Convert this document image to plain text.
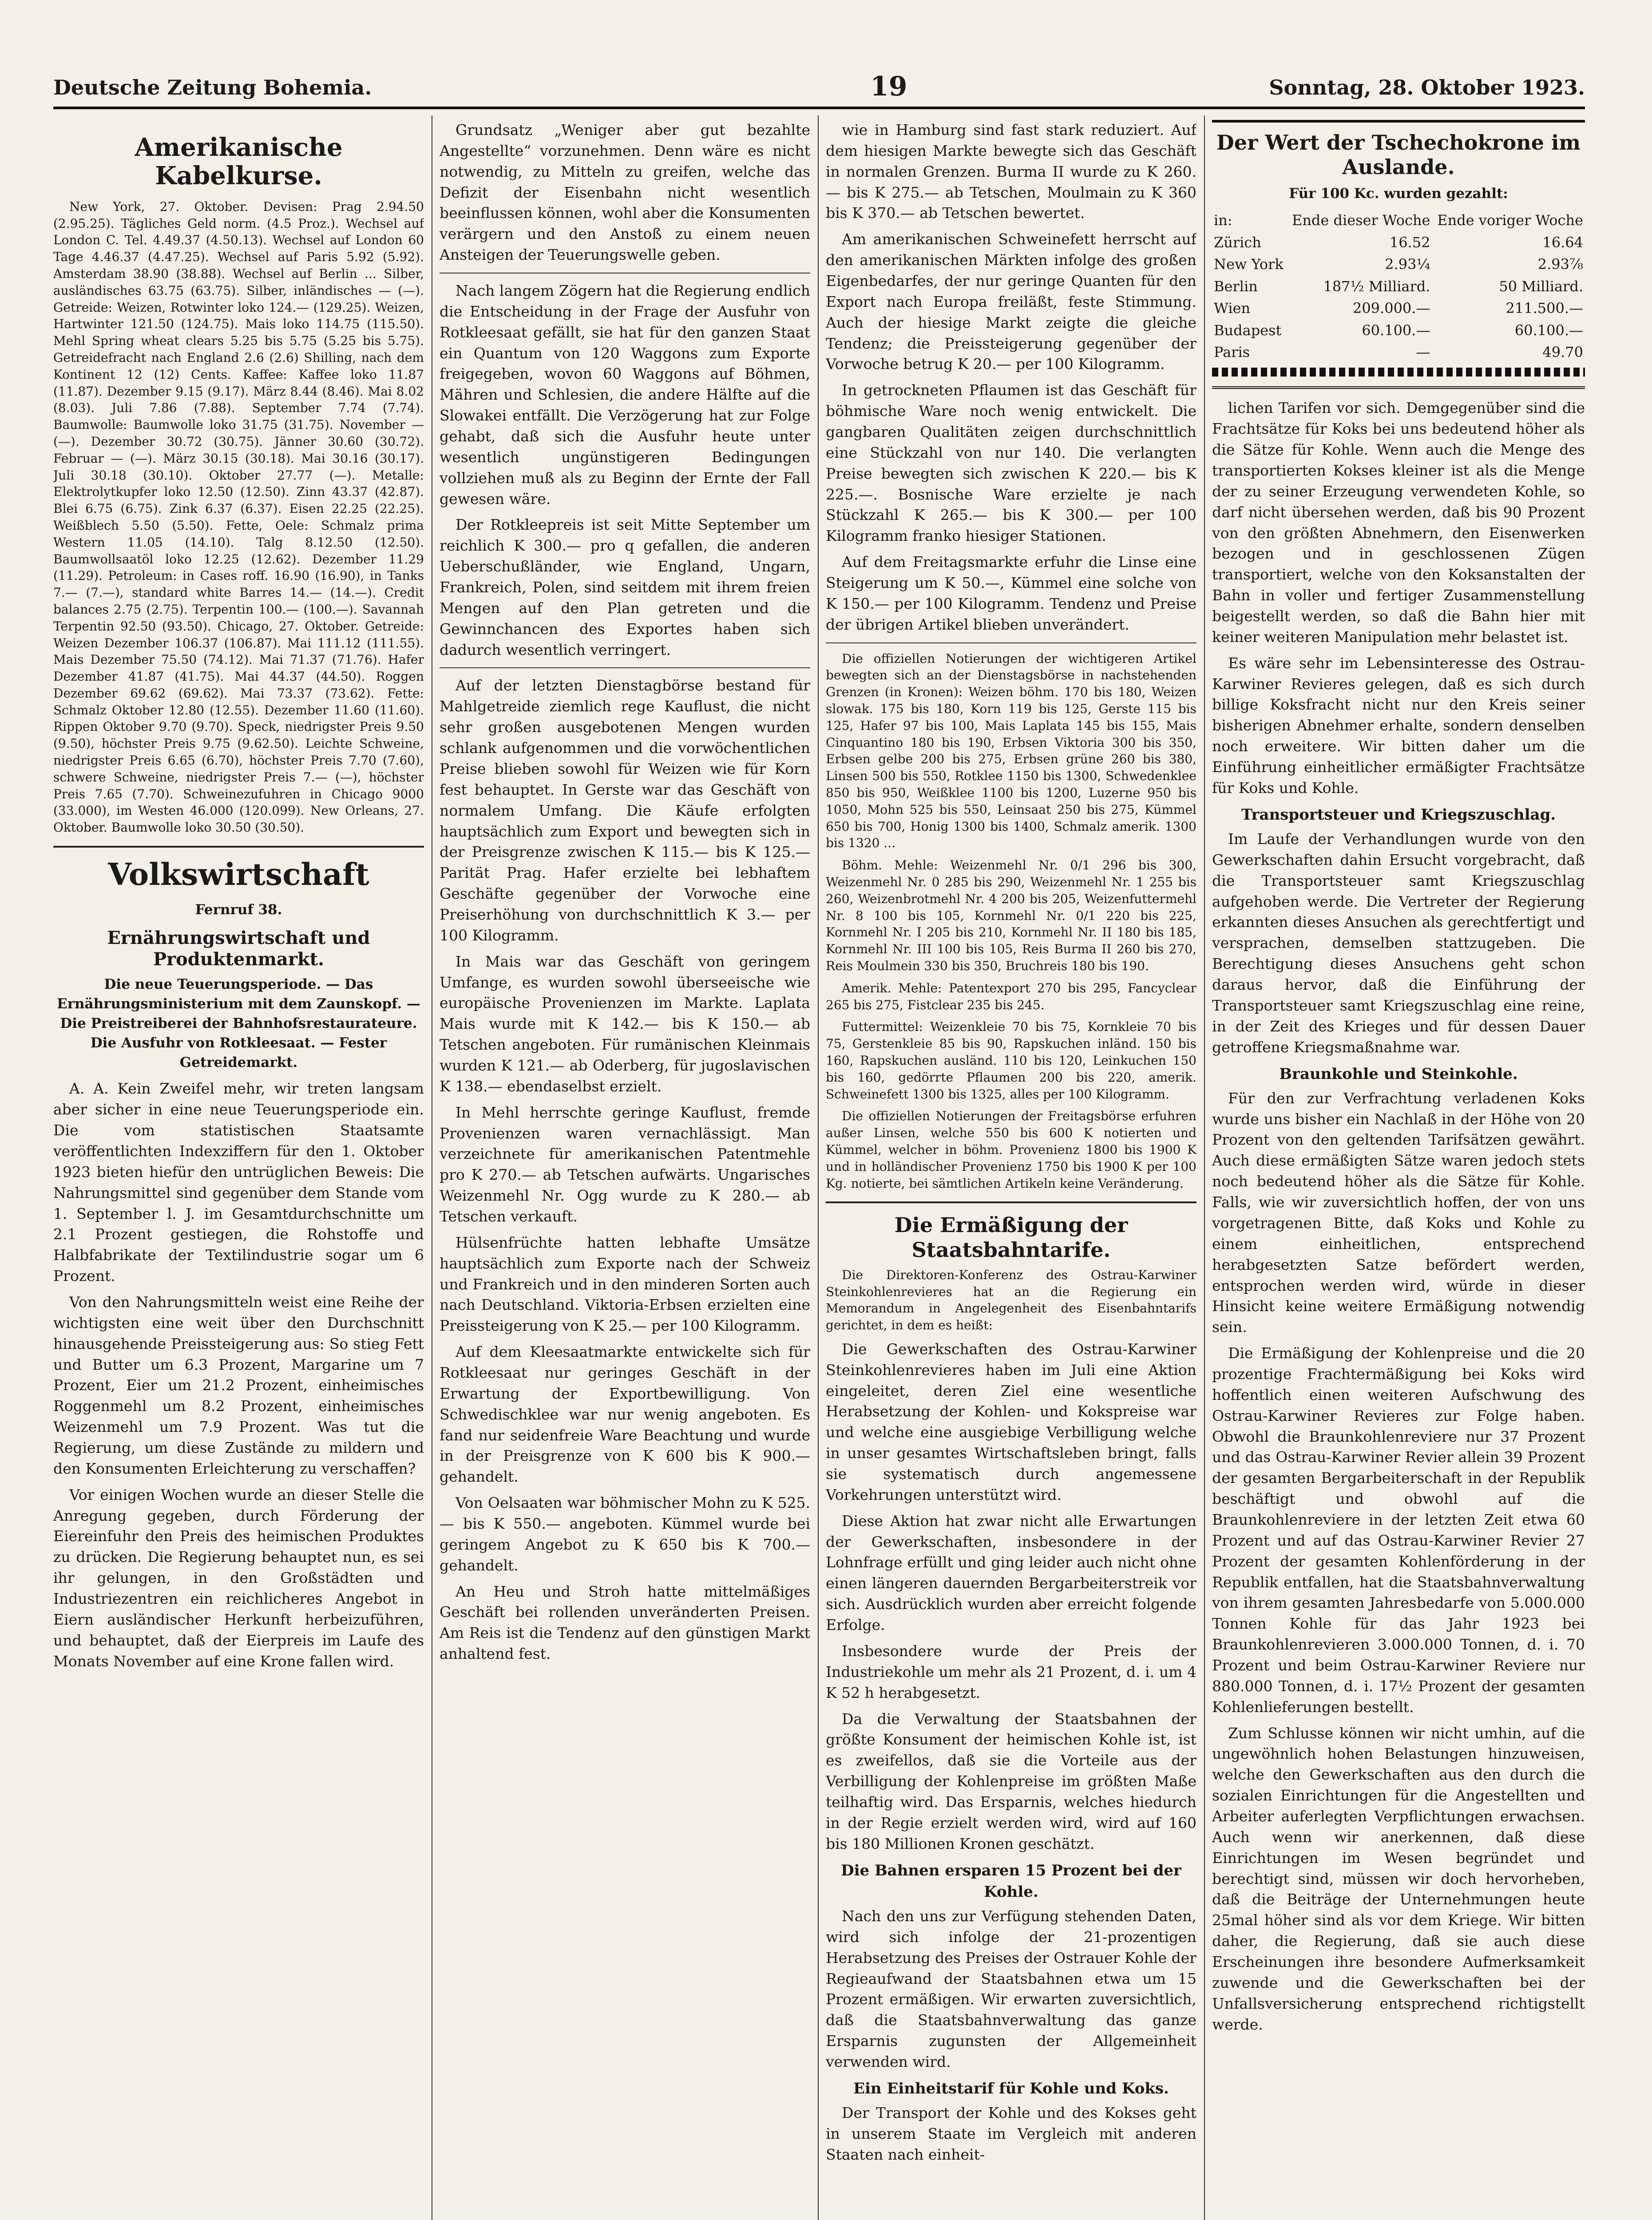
Deutsche Zeitung Bohemia.	19	Sonntag, 28. Oktober 1923.
Amerikanische Kabelkurse.

New York, 27. Oktober. Devisen: Prag 2.94.50 (2.95.25). Tägliches Geld norm. (4.5 Proz.). Wechsel auf London C. Tel. 4.49.37 (4.50.13). Wechsel auf London 60 Tage 4.46.37 (4.47.25). Wechsel auf Paris 5.92 (5.92). Amsterdam 38.90 (38.88). Wechsel auf Berlin ... Silber, ausländisches 63.75 (63.75). Silber, inländisches — (—). Getreide: Weizen, Rotwinter loko 124.— (129.25). Weizen, Hartwinter 121.50 (124.75). Mais loko 114.75 (115.50). Mehl Spring wheat clears 5.25 bis 5.75 (5.25 bis 5.75). Getreidefracht nach England 2.6 (2.6) Shilling, nach dem Kontinent 12 (12) Cents. Kaffee: Kaffee loko 11.87 (11.87). Dezember 9.15 (9.17). März 8.44 (8.46). Mai 8.02 (8.03). Juli 7.86 (7.88). September 7.74 (7.74). Baumwolle: Baumwolle loko 31.75 (31.75). November — (—). Dezember 30.72 (30.75). Jänner 30.60 (30.72). Februar — (—). März 30.15 (30.18). Mai 30.16 (30.17). Juli 30.18 (30.10). Oktober 27.77 (—). Metalle: Elektrolytkupfer loko 12.50 (12.50). Zinn 43.37 (42.87). Blei 6.75 (6.75). Zink 6.37 (6.37). Eisen 22.25 (22.25). Weißblech 5.50 (5.50). Fette, Oele: Schmalz prima Western 11.05 (14.10). Talg 8.12.50 (12.50). Baumwollsaatöl loko 12.25 (12.62). Dezember 11.29 (11.29). Petroleum: in Cases roff. 16.90 (16.90), in Tanks 7.— (7.—), standard white Barres 14.— (14.—). Credit balances 2.75 (2.75). Terpentin 100.— (100.—). Savannah Terpentin 92.50 (93.50). Chicago, 27. Oktober. Getreide: Weizen Dezember 106.37 (106.87). Mai 111.12 (111.55). Mais Dezember 75.50 (74.12). Mai 71.37 (71.76). Hafer Dezember 41.87 (41.75). Mai 44.37 (44.50). Roggen Dezember 69.62 (69.62). Mai 73.37 (73.62). Fette: Schmalz Oktober 12.80 (12.55). Dezember 11.60 (11.60). Rippen Oktober 9.70 (9.70). Speck, niedrigster Preis 9.50 (9.50), höchster Preis 9.75 (9.62.50). Leichte Schweine, niedrigster Preis 6.65 (6.70), höchster Preis 7.70 (7.60), schwere Schweine, niedrigster Preis 7.— (—), höchster Preis 7.65 (7.70). Schweinezufuhren in Chicago 9000 (33.000), im Westen 46.000 (120.099). New Orleans, 27. Oktober. Baumwolle loko 30.50 (30.50).

Volkswirtschaft
Fernruf 38.
Ernährungswirtschaft und Produktenmarkt.
Die neue Teuerungsperiode. — Das Ernährungsministerium mit dem Zaunskopf. — Die Preistreiberei der Bahnhofsrestaurateure. Die Ausfuhr von Rotkleesaat. — Fester Getreidemarkt.

A. A. Kein Zweifel mehr, wir treten langsam aber sicher in eine neue Teuerungsperiode ein. Die vom statistischen Staatsamte veröffentlichten Indexziffern für den 1. Oktober 1923 bieten hiefür den untrüglichen Beweis: Die Nahrungsmittel sind gegenüber dem Stande vom 1. September l. J. im Gesamtdurchschnitte um 2.1 Prozent gestiegen, die Rohstoffe und Halbfabrikate der Textilindustrie sogar um 6 Prozent.

Von den Nahrungsmitteln weist eine Reihe der wichtigsten eine weit über den Durchschnitt hinausgehende Preissteigerung aus: So stieg Fett und Butter um 6.3 Prozent, Margarine um 7 Prozent, Eier um 21.2 Prozent, einheimisches Roggenmehl um 8.2 Prozent, einheimisches Weizenmehl um 7.9 Prozent. Was tut die Regierung, um diese Zustände zu mildern und den Konsumenten Erleichterung zu verschaffen?

Vor einigen Wochen wurde an dieser Stelle die Anregung gegeben, durch Förderung der Eiereinfuhr den Preis des heimischen Produktes zu drücken. Die Regierung behauptet nun, es sei ihr gelungen, in den Großstädten und Industriezentren ein reichlicheres Angebot in Eiern ausländischer Herkunft herbeizuführen, und behauptet, daß der Eierpreis im Laufe des Monats November auf eine Krone fallen wird.

Grundsatz „Weniger aber gut bezahlte Angestellte“ vorzunehmen. Denn wäre es nicht notwendig, zu Mitteln zu greifen, welche das Defizit der Eisenbahn nicht wesentlich beeinflussen können, wohl aber die Konsumenten verärgern und den Anstoß zu einem neuen Ansteigen der Teuerungswelle geben.

Nach langem Zögern hat die Regierung endlich die Entscheidung in der Frage der Ausfuhr von Rotkleesaat gefällt, sie hat für den ganzen Staat ein Quantum von 120 Waggons zum Exporte freigegeben, wovon 60 Waggons auf Böhmen, Mähren und Schlesien, die andere Hälfte auf die Slowakei entfällt. Die Verzögerung hat zur Folge gehabt, daß sich die Ausfuhr heute unter wesentlich ungünstigeren Bedingungen vollziehen muß als zu Beginn der Ernte der Fall gewesen wäre.

Der Rotkleepreis ist seit Mitte September um reichlich K 300.— pro q gefallen, die anderen Ueberschußländer, wie England, Ungarn, Frankreich, Polen, sind seitdem mit ihrem freien Mengen auf den Plan getreten und die Gewinnchancen des Exportes haben sich dadurch wesentlich verringert.

Auf der letzten Dienstagbörse bestand für Mahlgetreide ziemlich rege Kauflust, die nicht sehr großen ausgebotenen Mengen wurden schlank aufgenommen und die vorwöchentlichen Preise blieben sowohl für Weizen wie für Korn fest behauptet. In Gerste war das Geschäft von normalem Umfang. Die Käufe erfolgten hauptsächlich zum Export und bewegten sich in der Preisgrenze zwischen K 115.— bis K 125.— Parität Prag. Hafer erzielte bei lebhaftem Geschäfte gegenüber der Vorwoche eine Preiserhöhung von durchschnittlich K 3.— per 100 Kilogramm.

In Mais war das Geschäft von geringem Umfange, es wurden sowohl überseeische wie europäische Provenienzen im Markte. Laplata Mais wurde mit K 142.— bis K 150.— ab Tetschen angeboten. Für rumänischen Kleinmais wurden K 121.— ab Oderberg, für jugoslavischen K 138.— ebendaselbst erzielt.

In Mehl herrschte geringe Kauflust, fremde Provenienzen waren vernachlässigt. Man verzeichnete für amerikanischen Patentmehle pro K 270.— ab Tetschen aufwärts. Ungarisches Weizenmehl Nr. Ogg wurde zu K 280.— ab Tetschen verkauft.

Hülsenfrüchte hatten lebhafte Umsätze hauptsächlich zum Exporte nach der Schweiz und Frankreich und in den minderen Sorten auch nach Deutschland. Viktoria-Erbsen erzielten eine Preissteigerung von K 25.— per 100 Kilogramm.

Auf dem Kleesaatmarkte entwickelte sich für Rotkleesaat nur geringes Geschäft in der Erwartung der Exportbewilligung. Von Schwedischklee war nur wenig angeboten. Es fand nur seidenfreie Ware Beachtung und wurde in der Preisgrenze von K 600 bis K 900.— gehandelt.

Von Oelsaaten war böhmischer Mohn zu K 525.— bis K 550.— angeboten. Kümmel wurde bei geringem Angebot zu K 650 bis K 700.— gehandelt.

An Heu und Stroh hatte mittelmäßiges Geschäft bei rollenden unveränderten Preisen. Am Reis ist die Tendenz auf den günstigen Markt anhaltend fest.

wie in Hamburg sind fast stark reduziert. Auf dem hiesigen Markte bewegte sich das Geschäft in normalen Grenzen. Burma II wurde zu K 260.— bis K 275.— ab Tetschen, Moulmain zu K 360 bis K 370.— ab Tetschen bewertet.

Am amerikanischen Schweinefett herrscht auf den amerikanischen Märkten infolge des großen Eigenbedarfes, der nur geringe Quanten für den Export nach Europa freiläßt, feste Stimmung. Auch der hiesige Markt zeigte die gleiche Tendenz; die Preissteigerung gegenüber der Vorwoche betrug K 20.— per 100 Kilogramm.

In getrockneten Pflaumen ist das Geschäft für böhmische Ware noch wenig entwickelt. Die gangbaren Qualitäten zeigen durchschnittlich eine Stückzahl von nur 140. Die verlangten Preise bewegten sich zwischen K 220.— bis K 225.—. Bosnische Ware erzielte je nach Stückzahl K 265.— bis K 300.— per 100 Kilogramm franko hiesiger Stationen.

Auf dem Freitagsmarkte erfuhr die Linse eine Steigerung um K 50.—, Kümmel eine solche von K 150.— per 100 Kilogramm. Tendenz und Preise der übrigen Artikel blieben unverändert.

Die offiziellen Notierungen der wichtigeren Artikel bewegten sich an der Dienstagsbörse in nachstehenden Grenzen (in Kronen): Weizen böhm. 170 bis 180, Weizen slowak. 175 bis 180, Korn 119 bis 125, Gerste 115 bis 125, Hafer 97 bis 100, Mais Laplata 145 bis 155, Mais Cinquantino 180 bis 190, Erbsen Viktoria 300 bis 350, Erbsen gelbe 200 bis 275, Erbsen grüne 260 bis 380, Linsen 500 bis 550, Rotklee 1150 bis 1300, Schwedenklee 850 bis 950, Weißklee 1100 bis 1200, Luzerne 950 bis 1050, Mohn 525 bis 550, Leinsaat 250 bis 275, Kümmel 650 bis 700, Honig 1300 bis 1400, Schmalz amerik. 1300 bis 1320 ...

Böhm. Mehle: Weizenmehl Nr. 0/1 296 bis 300, Weizenmehl Nr. 0 285 bis 290, Weizenmehl Nr. 1 255 bis 260, Weizenbrotmehl Nr. 4 200 bis 205, Weizenfuttermehl Nr. 8 100 bis 105, Kornmehl Nr. 0/1 220 bis 225, Kornmehl Nr. I 205 bis 210, Kornmehl Nr. II 180 bis 185, Kornmehl Nr. III 100 bis 105, Reis Burma II 260 bis 270, Reis Moulmein 330 bis 350, Bruchreis 180 bis 190.

Amerik. Mehle: Patentexport 270 bis 295, Fancyclear 265 bis 275, Fistclear 235 bis 245.

Futtermittel: Weizenkleie 70 bis 75, Kornkleie 70 bis 75, Gerstenkleie 85 bis 90, Rapskuchen inländ. 150 bis 160, Rapskuchen ausländ. 110 bis 120, Leinkuchen 150 bis 160, gedörrte Pflaumen 200 bis 220, amerik. Schweinefett 1300 bis 1325, alles per 100 Kilogramm.

Die offiziellen Notierungen der Freitagsbörse erfuhren außer Linsen, welche 550 bis 600 K notierten und Kümmel, welcher in böhm. Provenienz 1800 bis 1900 K und in holländischer Provenienz 1750 bis 1900 K per 100 Kg. notierte, bei sämtlichen Artikeln keine Veränderung.

Die Ermäßigung der Staatsbahntarife.

Die Direktoren-Konferenz des Ostrau-Karwiner Steinkohlenrevieres hat an die Regierung ein Memorandum in Angelegenheit des Eisenbahntarifs gerichtet, in dem es heißt:

Die Gewerkschaften des Ostrau-Karwiner Steinkohlenrevieres haben im Juli eine Aktion eingeleitet, deren Ziel eine wesentliche Herabsetzung der Kohlen- und Kokspreise war und welche eine ausgiebige Verbilligung welche in unser gesamtes Wirtschaftsleben bringt, falls sie systematisch durch angemessene Vorkehrungen unterstützt wird.

Diese Aktion hat zwar nicht alle Erwartungen der Gewerkschaften, insbesondere in der Lohnfrage erfüllt und ging leider auch nicht ohne einen längeren dauernden Bergarbeiterstreik vor sich. Ausdrücklich wurden aber erreicht folgende Erfolge.

Insbesondere wurde der Preis der Industriekohle um mehr als 21 Prozent, d. i. um 4 K 52 h herabgesetzt.

Da die Verwaltung der Staatsbahnen der größte Konsument der heimischen Kohle ist, ist es zweifellos, daß sie die Vorteile aus der Verbilligung der Kohlenpreise im größten Maße teilhaftig wird. Das Ersparnis, welches hiedurch in der Regie erzielt werden wird, wird auf 160 bis 180 Millionen Kronen geschätzt.

Die Bahnen ersparen 15 Prozent bei der Kohle.

Nach den uns zur Verfügung stehenden Daten, wird sich infolge der 21-prozentigen Herabsetzung des Preises der Ostrauer Kohle der Regieaufwand der Staatsbahnen etwa um 15 Prozent ermäßigen. Wir erwarten zuversichtlich, daß die Staatsbahnverwaltung das ganze Ersparnis zugunsten der Allgemeinheit verwenden wird.

Ein Einheitstarif für Kohle und Koks.

Der Transport der Kohle und des Kokses geht in unserem Staate im Vergleich mit anderen Staaten nach einheit-

Der Wert der Tschechokrone im Auslande.
Für 100 Kc. wurden gezahlt:
in:	Ende dieser Woche	Ende voriger Woche
Zürich	16.52	16.64
New York	2.93¼	2.93⅞
Berlin	187½ Milliard.	50 Milliard.
Wien	209.000.—	211.500.—
Budapest	60.100.—	60.100.—
Paris	—	49.70

lichen Tarifen vor sich. Demgegenüber sind die Frachtsätze für Koks bei uns bedeutend höher als die Sätze für Kohle. Wenn auch die Menge des transportierten Kokses kleiner ist als die Menge der zu seiner Erzeugung verwendeten Kohle, so darf nicht übersehen werden, daß bis 90 Prozent von den größten Abnehmern, den Eisenwerken bezogen und in geschlossenen Zügen transportiert, welche von den Koksanstalten der Bahn in voller und fertiger Zusammenstellung beigestellt werden, so daß die Bahn hier mit keiner weiteren Manipulation mehr belastet ist.

Es wäre sehr im Lebensinteresse des Ostrau-Karwiner Revieres gelegen, daß es sich durch billige Koksfracht nicht nur den Kreis seiner bisherigen Abnehmer erhalte, sondern denselben noch erweitere. Wir bitten daher um die Einführung einheitlicher ermäßigter Frachtsätze für Koks und Kohle.

Transportsteuer und Kriegszuschlag.

Im Laufe der Verhandlungen wurde von den Gewerkschaften dahin Ersucht vorgebracht, daß die Transportsteuer samt Kriegszuschlag aufgehoben werde. Die Vertreter der Regierung erkannten dieses Ansuchen als gerechtfertigt und versprachen, demselben stattzugeben. Die Berechtigung dieses Ansuchens geht schon daraus hervor, daß die Einführung der Transportsteuer samt Kriegszuschlag eine reine, in der Zeit des Krieges und für dessen Dauer getroffene Kriegsmaßnahme war.

Braunkohle und Steinkohle.

Für den zur Verfrachtung verladenen Koks wurde uns bisher ein Nachlaß in der Höhe von 20 Prozent von den geltenden Tarifsätzen gewährt. Auch diese ermäßigten Sätze waren jedoch stets noch bedeutend höher als die Sätze für Kohle. Falls, wie wir zuversichtlich hoffen, der von uns vorgetragenen Bitte, daß Koks und Kohle zu einem einheitlichen, entsprechend herabgesetzten Satze befördert werden, entsprochen werden wird, würde in dieser Hinsicht keine weitere Ermäßigung notwendig sein.

Die Ermäßigung der Kohlenpreise und die 20 prozentige Frachtermäßigung bei Koks wird hoffentlich einen weiteren Aufschwung des Ostrau-Karwiner Revieres zur Folge haben. Obwohl die Braunkohlenreviere nur 37 Prozent und das Ostrau-Karwiner Revier allein 39 Prozent der gesamten Bergarbeiterschaft in der Republik beschäftigt und obwohl auf die Braunkohlenreviere in der letzten Zeit etwa 60 Prozent und auf das Ostrau-Karwiner Revier 27 Prozent der gesamten Kohlenförderung in der Republik entfallen, hat die Staatsbahnverwaltung von ihrem gesamten Jahresbedarfe von 5.000.000 Tonnen Kohle für das Jahr 1923 bei Braunkohlenrevieren 3.000.000 Tonnen, d. i. 70 Prozent und beim Ostrau-Karwiner Reviere nur 880.000 Tonnen, d. i. 17½ Prozent der gesamten Kohlenlieferungen bestellt.

Zum Schlusse können wir nicht umhin, auf die ungewöhnlich hohen Belastungen hinzuweisen, welche den Gewerkschaften aus den durch die sozialen Einrichtungen für die Angestellten und Arbeiter auferlegten Verpflichtungen erwachsen. Auch wenn wir anerkennen, daß diese Einrichtungen im Wesen begründet und berechtigt sind, müssen wir doch hervorheben, daß die Beiträge der Unternehmungen heute 25mal höher sind als vor dem Kriege. Wir bitten daher, die Regierung, daß sie auch diese Erscheinungen ihre besondere Aufmerksamkeit zuwende und die Gewerkschaften bei der Unfallsversicherung entsprechend richtigstellt werde.
